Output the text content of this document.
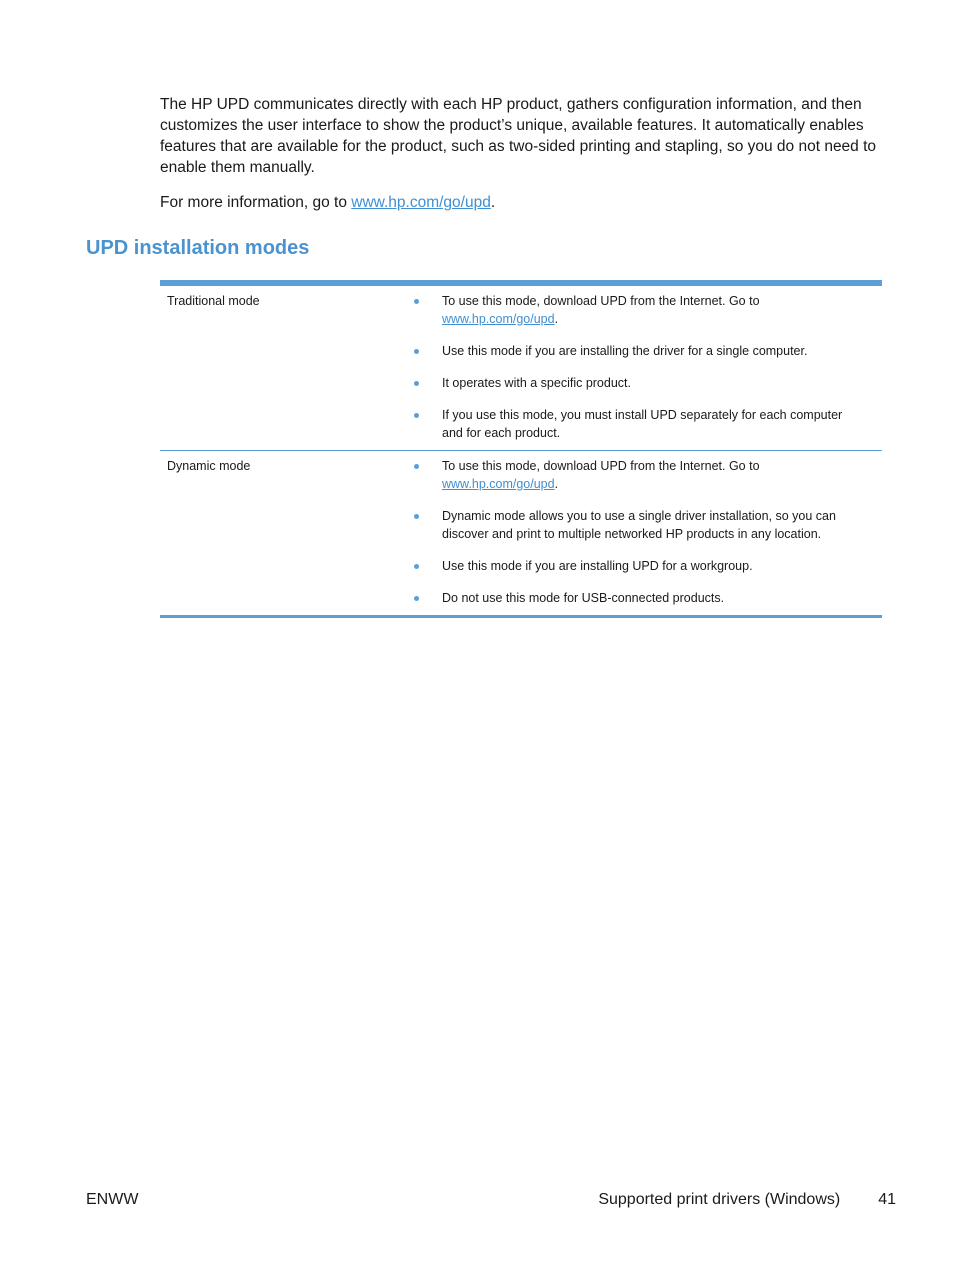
The HP UPD communicates directly with each HP product, gathers configuration information, and then customizes the user interface to show the product’s unique, available features. It automatically enables features that are available for the product, such as two-sided printing and stapling, so you do not need to enable them manually.

For more information, go to www.hp.com/go/upd.

UPD installation modes

Traditional mode	To use this mode, download UPD from the Internet. Go to www.hp.com/go/upd.
Use this mode if you are installing the driver for a single computer.
It operates with a specific product.
If you use this mode, you must install UPD separately for each computer and for each product.

Dynamic mode	To use this mode, download UPD from the Internet. Go to www.hp.com/go/upd.
Dynamic mode allows you to use a single driver installation, so you can discover and print to multiple networked HP products in any location.
Use this mode if you are installing UPD for a workgroup.
Do not use this mode for USB-connected products.

ENWW	Supported print drivers (Windows) 41
